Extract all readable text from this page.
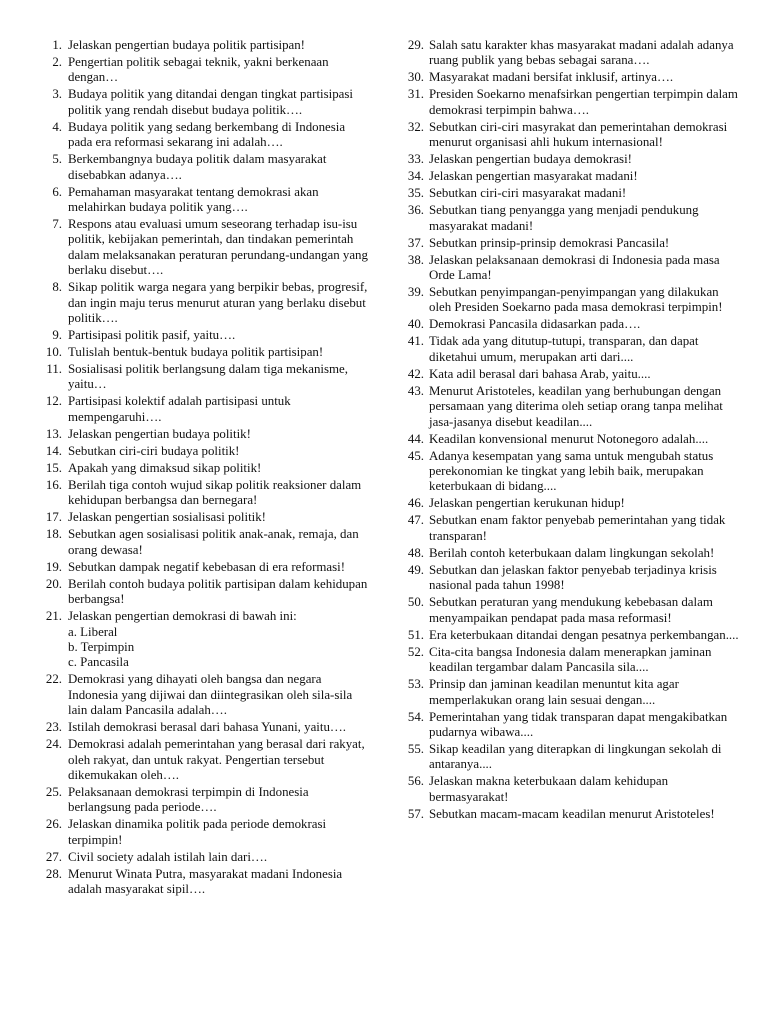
1. Jelaskan pengertian budaya politik partisipan!
2. Pengertian politik sebagai teknik, yakni berkenaan dengan…
3. Budaya politik yang ditandai dengan tingkat partisipasi politik yang rendah disebut budaya politik….
4. Budaya politik yang sedang berkembang di Indonesia pada era reformasi sekarang ini adalah….
5. Berkembangnya budaya politik dalam masyarakat disebabkan adanya….
6. Pemahaman masyarakat tentang demokrasi akan melahirkan budaya politik yang….
7. Respons atau evaluasi umum seseorang terhadap isu-isu politik, kebijakan pemerintah, dan tindakan pemerintah dalam melaksanakan peraturan perundang-undangan yang berlaku disebut….
8. Sikap politik warga negara yang berpikir bebas, progresif, dan ingin maju terus menurut aturan yang berlaku disebut politik….
9. Partisipasi politik pasif, yaitu….
10. Tulislah bentuk-bentuk budaya politik partisipan!
11. Sosialisasi politik berlangsung dalam tiga mekanisme, yaitu…
12. Partisipasi kolektif adalah partisipasi untuk mempengaruhi….
13. Jelaskan pengertian budaya politik!
14. Sebutkan ciri-ciri budaya politik!
15. Apakah yang dimaksud sikap politik!
16. Berilah tiga contoh wujud sikap politik reaksioner dalam kehidupan berbangsa dan bernegara!
17. Jelaskan pengertian sosialisasi politik!
18. Sebutkan agen sosialisasi politik anak-anak, remaja, dan orang dewasa!
19. Sebutkan dampak negatif kebebasan di era reformasi!
20. Berilah contoh budaya politik partisipan dalam kehidupan berbangsa!
21. Jelaskan pengertian demokrasi di bawah ini:
a. Liberal
b. Terpimpin
c. Pancasila
22. Demokrasi yang dihayati oleh bangsa dan negara Indonesia yang dijiwai dan diintegrasikan oleh sila-sila lain dalam Pancasila adalah….
23. Istilah demokrasi berasal dari bahasa Yunani, yaitu….
24. Demokrasi adalah pemerintahan yang berasal dari rakyat, oleh rakyat, dan untuk rakyat. Pengertian tersebut dikemukakan oleh….
25. Pelaksanaan demokrasi terpimpin di Indonesia berlangsung pada periode….
26. Jelaskan dinamika politik pada periode demokrasi terpimpin!
27. Civil society adalah istilah lain dari….
28. Menurut Winata Putra, masyarakat madani Indonesia adalah masyarakat sipil….
29. Salah satu karakter khas masyarakat madani adalah adanya ruang publik yang bebas sebagai sarana….
30. Masyarakat madani bersifat inklusif, artinya….
31. Presiden Soekarno menafsirkan pengertian terpimpin dalam demokrasi terpimpin bahwa….
32. Sebutkan ciri-ciri masyrakat dan pemerintahan demokrasi menurut organisasi ahli hukum internasional!
33. Jelaskan pengertian budaya demokrasi!
34. Jelaskan pengertian masyarakat madani!
35. Sebutkan ciri-ciri masyarakat madani!
36. Sebutkan tiang penyangga yang menjadi pendukung masyarakat madani!
37. Sebutkan prinsip-prinsip demokrasi Pancasila!
38. Jelaskan pelaksanaan demokrasi di Indonesia pada masa Orde Lama!
39. Sebutkan penyimpangan-penyimpangan yang dilakukan oleh Presiden Soekarno pada masa demokrasi terpimpin!
40. Demokrasi Pancasila didasarkan pada….
41. Tidak ada yang ditutup-tutupi, transparan, dan dapat diketahui umum, merupakan arti dari....
42. Kata adil berasal dari bahasa Arab, yaitu....
43. Menurut Aristoteles, keadilan yang berhubungan dengan persamaan yang diterima oleh setiap orang tanpa melihat jasa-jasanya disebut keadilan....
44. Keadilan konvensional menurut Notonegoro adalah....
45. Adanya kesempatan yang sama untuk mengubah status perekonomian ke tingkat yang lebih baik, merupakan keterbukaan di bidang....
46. Jelaskan pengertian kerukunan hidup!
47. Sebutkan enam faktor penyebab pemerintahan yang tidak transparan!
48. Berilah contoh keterbukaan dalam lingkungan sekolah!
49. Sebutkan dan jelaskan faktor penyebab terjadinya krisis nasional pada tahun 1998!
50. Sebutkan peraturan yang mendukung kebebasan dalam menyampaikan pendapat pada masa reformasi!
51. Era keterbukaan ditandai dengan pesatnya perkembangan....
52. Cita-cita bangsa Indonesia dalam menerapkan jaminan keadilan tergambar dalam Pancasila sila....
53. Prinsip dan jaminan keadilan menuntut kita agar memperlakukan orang lain sesuai dengan....
54. Pemerintahan yang tidak transparan dapat mengakibatkan pudarnya wibawa....
55. Sikap keadilan yang diterapkan di lingkungan sekolah di antaranya....
56. Jelaskan makna keterbukaan dalam kehidupan bermasyarakat!
57. Sebutkan macam-macam keadilan menurut Aristoteles!
